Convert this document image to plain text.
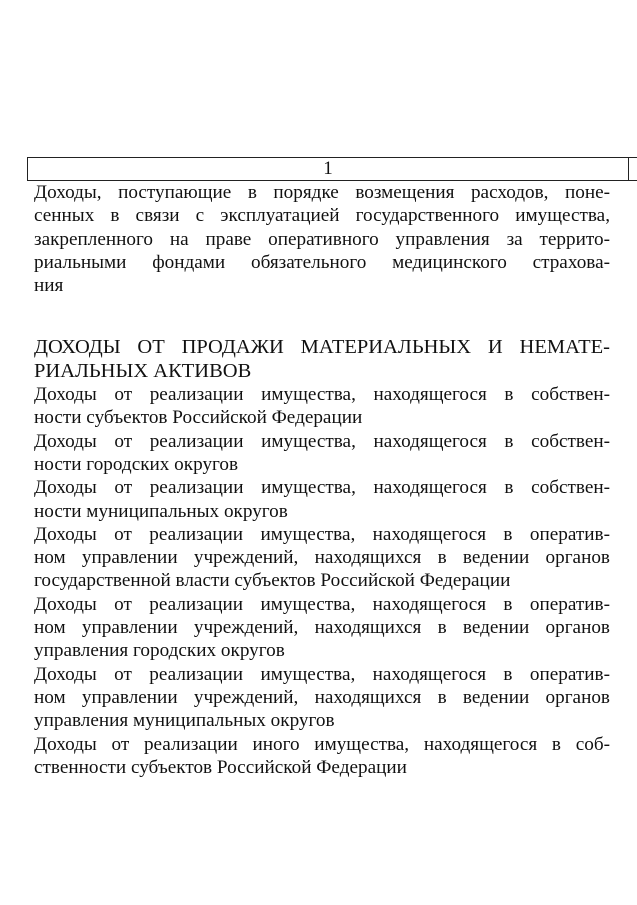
1
Доходы, поступающие в порядке возмещения расходов, поне-
сенных в связи с эксплуатацией государственного имущества,
закрепленного на праве оперативного управления за террито-
риальными фондами обязательного медицинского страхова-
ния
ДОХОДЫ ОТ ПРОДАЖИ МАТЕРИАЛЬНЫХ И НЕМАТЕ-
РИАЛЬНЫХ АКТИВОВ
Доходы от реализации имущества, находящегося в собствен-
ности субъектов Российской Федерации
Доходы от реализации имущества, находящегося в собствен-
ности городских округов
Доходы от реализации имущества, находящегося в собствен-
ности муниципальных округов
Доходы от реализации имущества, находящегося в оператив-
ном управлении учреждений, находящихся в ведении органов
государственной власти субъектов Российской Федерации
Доходы от реализации имущества, находящегося в оператив-
ном управлении учреждений, находящихся в ведении органов
управления городских округов
Доходы от реализации имущества, находящегося в оператив-
ном управлении учреждений, находящихся в ведении органов
управления муниципальных округов
Доходы от реализации иного имущества, находящегося в соб-
ственности субъектов Российской Федерации
